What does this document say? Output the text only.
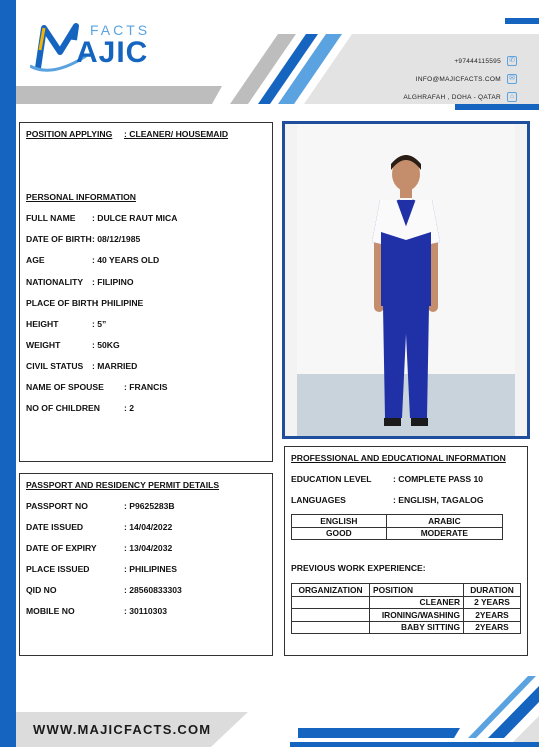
FACTS
AJIC	+97444115595 ✆
INFO@MAJICFACTS.COM ✉
ALGHRAFAH , DOHA - QATAR	⌂
POSITION APPLYING : CLEANER/ HOUSEMAID
PERSONAL INFORMATION
FULL NAME : DULCE RAUT MICA
DATE OF BIRTH : 08/12/1985
AGE	: 40 YEARS OLD
NATIONALITY : FILIPINO
PLACE OF BIRTH
: PHILIPINE
HEIGHT	: 5”
WEIGHT	: 50KG
CIVIL STATUS : MARRIED
NAME OF SPOUSE : FRANCIS
NO OF CHILDREN	: 2
PASSPORT AND RESIDENCY PERMIT DETAILS
PASSPORT NO	: P9625283B
DATE ISSUED	: 14/04/2022
DATE OF EXPIRY	: 13/04/2032
PLACE ISSUED	: PHILIPINES
QID NO	: 28560833303
MOBILE NO	: 30110303
PROFESSIONAL AND EDUCATIONAL INFORMATION
EDUCATION LEVEL : COMPLETE PASS 10
LANGUAGES	: ENGLISH, TAGALOG
ENGLISH	ARABIC
GOOD	MODERATE
PREVIOUS WORK EXPERIENCE:
ORGANIZATION	POSITION	DURATION
	CLEANER	2 YEARS
	IRONING/WASHING	2YEARS
	BABY SITTING	2YEARS
WWW.MAJICFACTS.COM
